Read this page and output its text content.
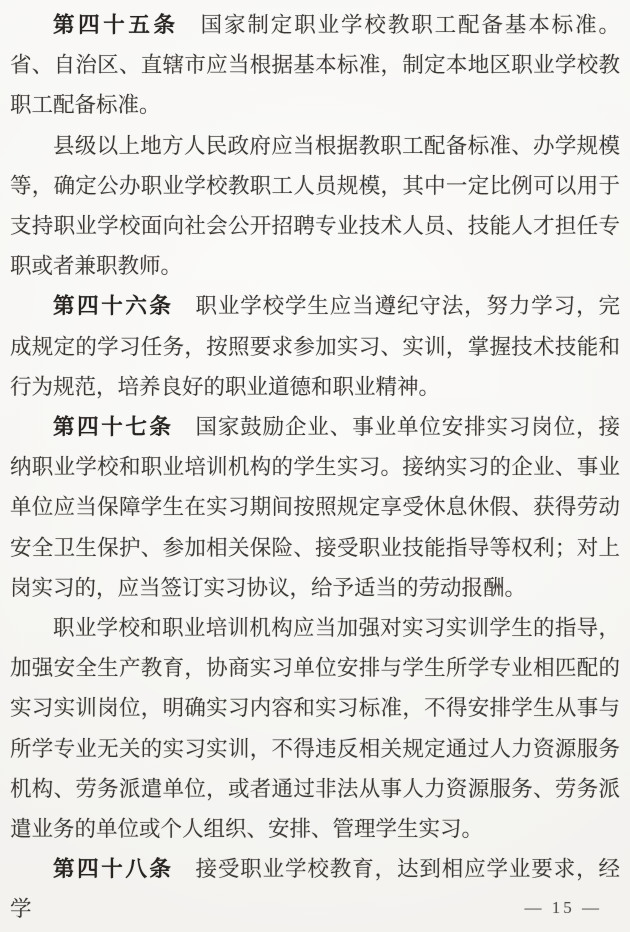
第四十五条 国家制定职业学校教职工配备基本标准。省、自治区、直辖市应当根据基本标准，制定本地区职业学校教职工配备标准。

县级以上地方人民政府应当根据教职工配备标准、办学规模等，确定公办职业学校教职工人员规模，其中一定比例可以用于支持职业学校面向社会公开招聘专业技术人员、技能人才担任专职或者兼职教师。

第四十六条 职业学校学生应当遵纪守法，努力学习，完成规定的学习任务，按照要求参加实习、实训，掌握技术技能和行为规范，培养良好的职业道德和职业精神。

第四十七条 国家鼓励企业、事业单位安排实习岗位，接纳职业学校和职业培训机构的学生实习。接纳实习的企业、事业单位应当保障学生在实习期间按照规定享受休息休假、获得劳动安全卫生保护、参加相关保险、接受职业技能指导等权利；对上岗实习的，应当签订实习协议，给予适当的劳动报酬。

职业学校和职业培训机构应当加强对实习实训学生的指导，加强安全生产教育，协商实习单位安排与学生所学专业相匹配的实习实训岗位，明确实习内容和实习标准，不得安排学生从事与所学专业无关的实习实训，不得违反相关规定通过人力资源服务机构、劳务派遣单位，或者通过非法从事人力资源服务、劳务派遣业务的单位或个人组织、安排、管理学生实习。

第四十八条 接受职业学校教育，达到相应学业要求，经学	— 15 —
